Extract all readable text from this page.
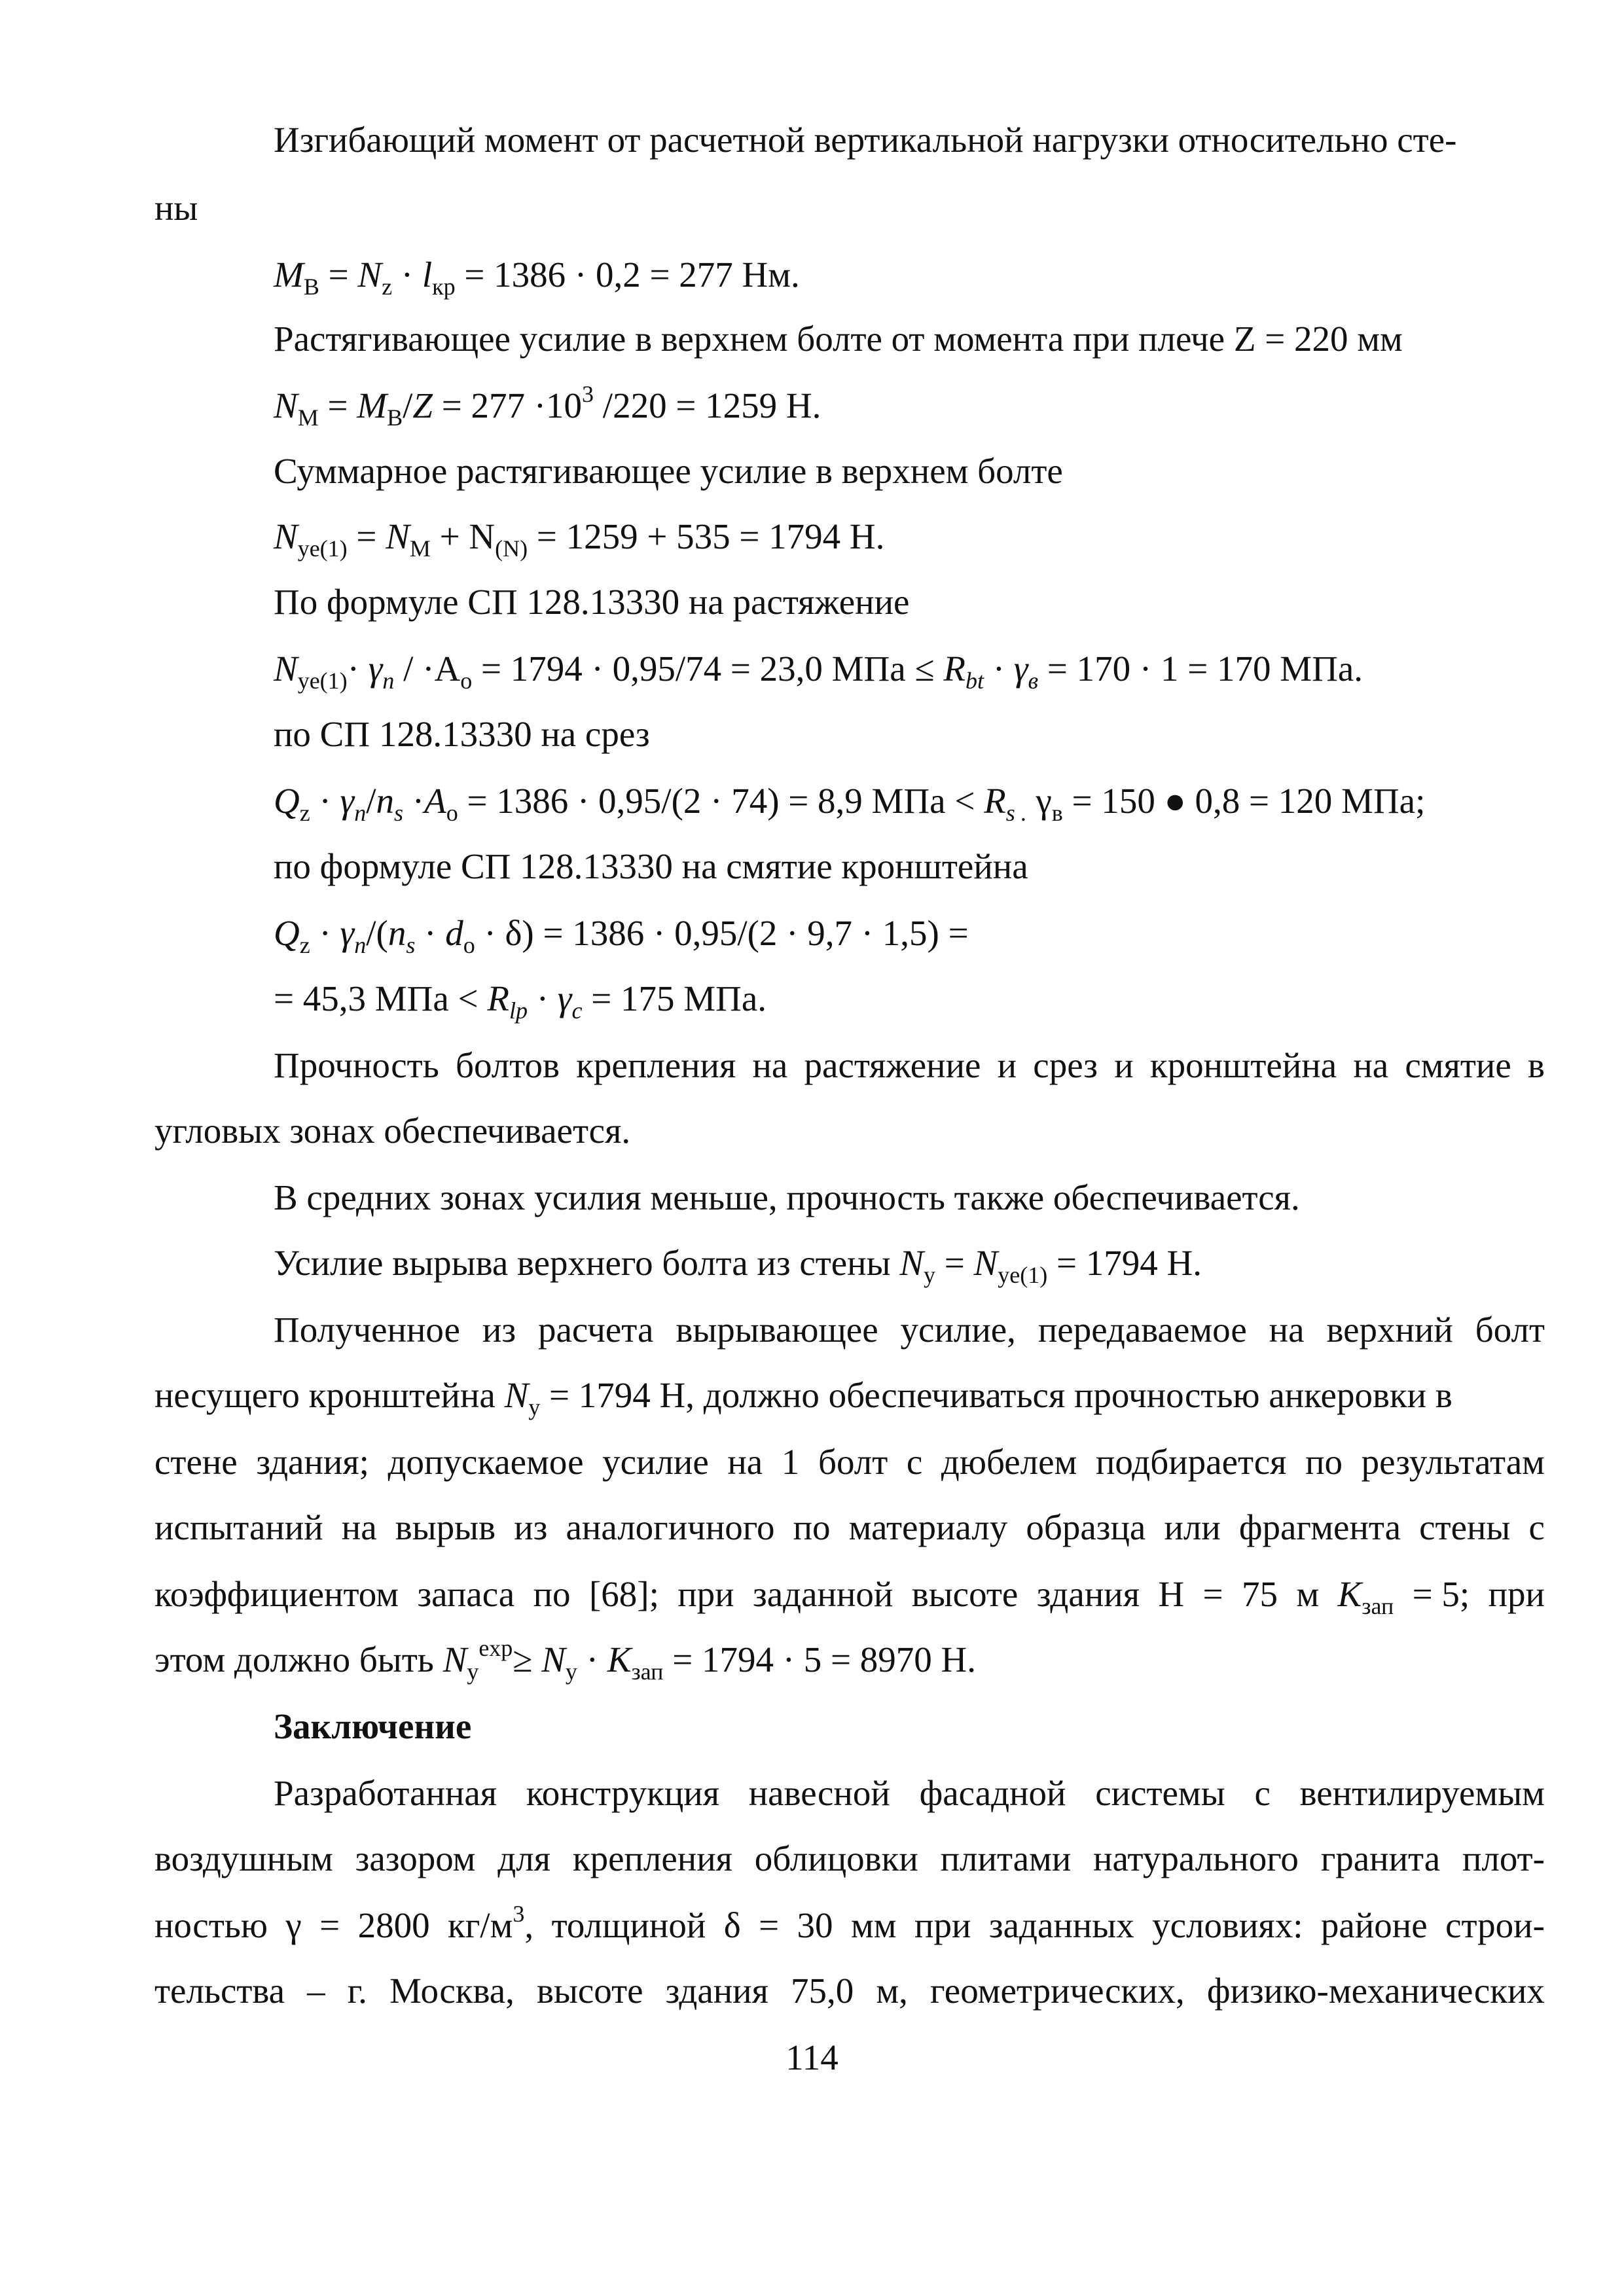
Изгибающий момент от расчетной вертикальной нагрузки относительно сте-
ны
$M_В = N_z \cdot l_{кр} = 1386 \cdot 0,2 = 277$ Нм.
Растягивающее усилие в верхнем болте от момента при плече Z = 220 мм
$N_M = M_B/Z = 277 \cdot 10^3$ /220 = 1259 Н.
Суммарное растягивающее усилие в верхнем болте
$N_{ye(1)} = N_M + N_{(N)} = 1259 + 535 = 1794$ Н.
По формуле СП 128.13330 на растяжение
$N_{ye(1)}\cdot \gamma_n / \cdot A_o = 1794 \cdot 0,95/74 = 23,0$ МПа ≤ $R_{bt} \cdot \gamma_в = 170 \cdot 1 = 170$ МПа.
по СП 128.13330 на срез
$Q_z \cdot \gamma_n/n_s \cdot A_o = 1386 \cdot 0,95/(2 \cdot 74) = 8,9$ МПа < $R_{s .}$ $\gamma_в = 150$ ● 0,8 = 120 МПа;
по формуле СП 128.13330 на смятие кронштейна
$Q_z \cdot \gamma_n/(n_s \cdot d_o \cdot \delta) = 1386 \cdot 0,95/(2 \cdot 9,7 \cdot 1,5)$ =
= 45,3 МПа < $R_{lp} \cdot \gamma_c = 175$ МПа.
Прочность болтов крепления на растяжение и срез и кронштейна на смятие в
угловых зонах обеспечивается.
В средних зонах усилия меньше, прочность также обеспечивается.
Усилие вырыва верхнего болта из стены $N_y = N_{ye(1)} = 1794$ Н.
Полученное из расчета вырывающее усилие, передаваемое на верхний болт
несущего кронштейна $N_y = 1794$ Н, должно обеспечиваться прочностью анкеровки в
стене здания; допускаемое усилие на 1 болт с дюбелем подбирается по результатам
испытаний на вырыв из аналогичного по материалу образца или фрагмента стены с
коэффициентом запаса по [68]; при заданной высоте здания Н = 75 м $K_{зап} = 5$; при
этом должно быть $N_y^{exp}\ge N_y \cdot K_{зап} = 1794 \cdot 5 = 8970$ Н.
Заключение
Разработанная конструкция навесной фасадной системы с вентилируемым
воздушным зазором для крепления облицовки плитами натурального гранита плот-
ностью γ = 2800 $кг/м^3$, толщиной δ = 30 мм при заданных условиях: районе строи-
тельства – г. Москва, высоте здания 75,0 м, геометрических, физико-механических
114
